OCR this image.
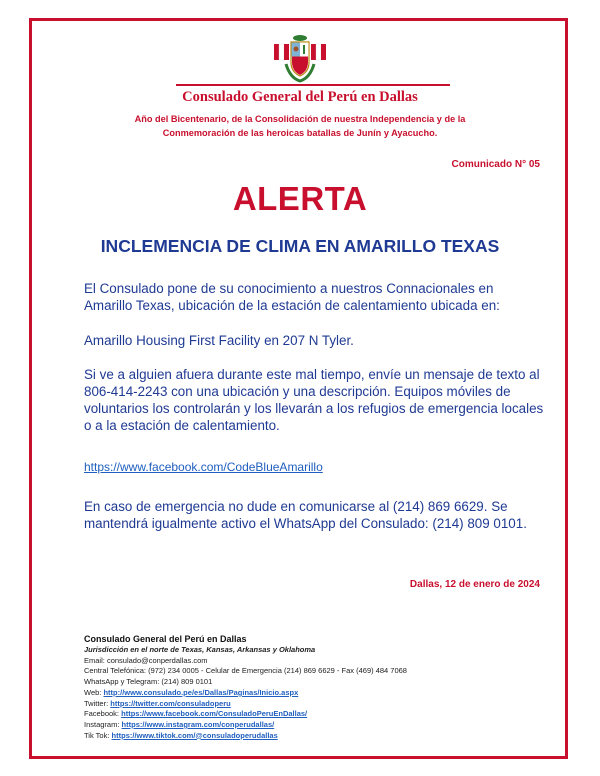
Consulado General del Perú en Dallas
Año del Bicentenario, de la Consolidación de nuestra Independencia y de la Conmemoración de las heroicas batallas de Junín y Ayacucho.
Comunicado N° 05
ALERTA
INCLEMENCIA DE CLIMA EN AMARILLO TEXAS
El Consulado pone de su conocimiento a nuestros Connacionales en Amarillo Texas, ubicación de la estación de calentamiento ubicada en:
Amarillo Housing First Facility en 207 N Tyler.
Si ve a alguien afuera durante este mal tiempo, envíe un mensaje de texto al 806-414-2243 con una ubicación y una descripción. Equipos móviles de voluntarios los controlarán y los llevarán a los refugios de emergencia locales o a la estación de calentamiento.
https://www.facebook.com/CodeBlueAmarillo
En caso de emergencia no dude en comunicarse al (214) 869 6629. Se mantendrá igualmente activo el WhatsApp del Consulado: (214) 809 0101.
Dallas, 12 de enero de 2024
Consulado General del Perú en Dallas
Jurisdicción en el norte de Texas, Kansas, Arkansas y Oklahoma
Email: consulado@conperdallas.com
Central Telefónica: (972) 234 0005 - Celular de Emergencia (214) 869 6629 - Fax (469) 484 7068
WhatsApp y Telegram: (214) 809 0101
Web: http://www.consulado.pe/es/Dallas/Paginas/Inicio.aspx
Twitter: https://twitter.com/consuladoperu
Facebook: https://www.facebook.com/ConsuladoPeruEnDallas/
Instagram: https://www.instagram.com/conperudallas/
Tik Tok: https://www.tiktok.com/@consuladoperudallas
